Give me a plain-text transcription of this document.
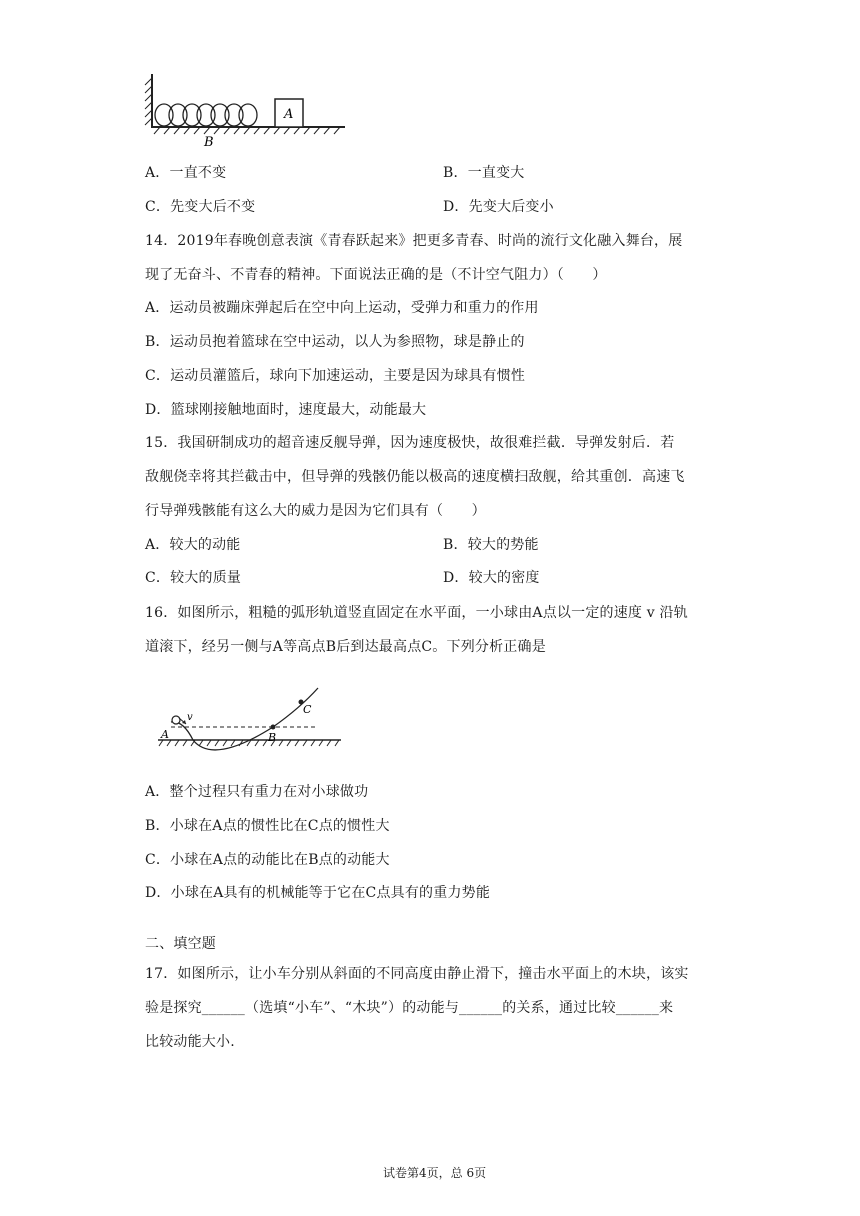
A
B
A．一直不变	B．一直变大
C．先变大后不变	D．先变大后变小
14．2019年春晚创意表演《青春跃起来》把更多青春、时尚的流行文化融入舞台，展
现了无奋斗、不青春的精神。下面说法正确的是（不计空气阻力）（　　）
A．运动员被蹦床弹起后在空中向上运动，受弹力和重力的作用
B．运动员抱着篮球在空中运动，以人为参照物，球是静止的
C．运动员灌篮后，球向下加速运动，主要是因为球具有惯性
D．篮球刚接触地面时，速度最大，动能最大
15．我国研制成功的超音速反舰导弹，因为速度极快，故很难拦截．导弹发射后．若
敌舰侥幸将其拦截击中，但导弹的残骸仍能以极高的速度横扫敌舰，给其重创．高速飞
行导弹残骸能有这么大的威力是因为它们具有（　　）
A．较大的动能	B．较大的势能
C．较大的质量	D．较大的密度
16．如图所示，粗糙的弧形轨道竖直固定在水平面，一小球由A点以一定的速度 v 沿轨
道滚下，经另一侧与A等高点B后到达最高点C。下列分析正确是
A	B
C
v
A．整个过程只有重力在对小球做功
B．小球在A点的惯性比在C点的惯性大
C．小球在A点的动能比在B点的动能大
D．小球在A具有的机械能等于它在C点具有的重力势能
二、填空题
17．如图所示，让小车分别从斜面的不同高度由静止滑下，撞击水平面上的木块，该实
验是探究______（选填“小车”、“木块”）的动能与______的关系，通过比较______来
比较动能大小.
试卷第4页，总 6页
